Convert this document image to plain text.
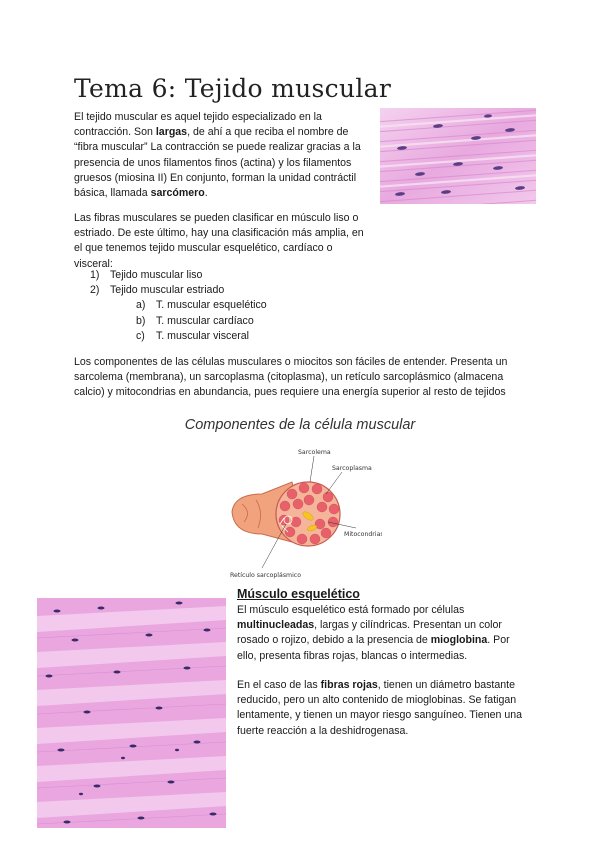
Tema 6: Tejido muscular

El tejido muscular es aquel tejido especializado en la contracción. Son largas, de ahí a que reciba el nombre de “fibra muscular” La contracción se puede realizar gracias a la presencia de unos filamentos finos (actina) y los filamentos gruesos (miosina II) En conjunto, forman la unidad contráctil básica, llamada sarcómero.

Las fibras musculares se pueden clasificar en músculo liso o estriado. De este último, hay una clasificación más amplia, en el que tenemos tejido muscular esquelético, cardíaco o visceral:

1) Tejido muscular liso
2) Tejido muscular estriado
a) T. muscular esquelético
b) T. muscular cardíaco
c) T. muscular visceral

Los componentes de las células musculares o miocitos son fáciles de entender. Presenta un sarcolema (membrana), un sarcoplasma (citoplasma), un retículo sarcoplásmico (almacena calcio) y mitocondrias en abundancia, pues requiere una energía superior al resto de tejidos

Componentes de la célula muscular
Sarcolema
Sarcoplasma
Mitocondrias
Retículo sarcoplásmico
Músculo esquelético

El músculo esquelético está formado por células multinucleadas, largas y cilíndricas. Presentan un color rosado o rojizo, debido a la presencia de mioglobina. Por ello, presenta fibras rojas, blancas o intermedias.

En el caso de las fibras rojas, tienen un diámetro bastante reducido, pero un alto contenido de mioglobinas. Se fatigan lentamente, y tienen un mayor riesgo sanguíneo. Tienen una fuerte reacción a la deshidrogenasa.
